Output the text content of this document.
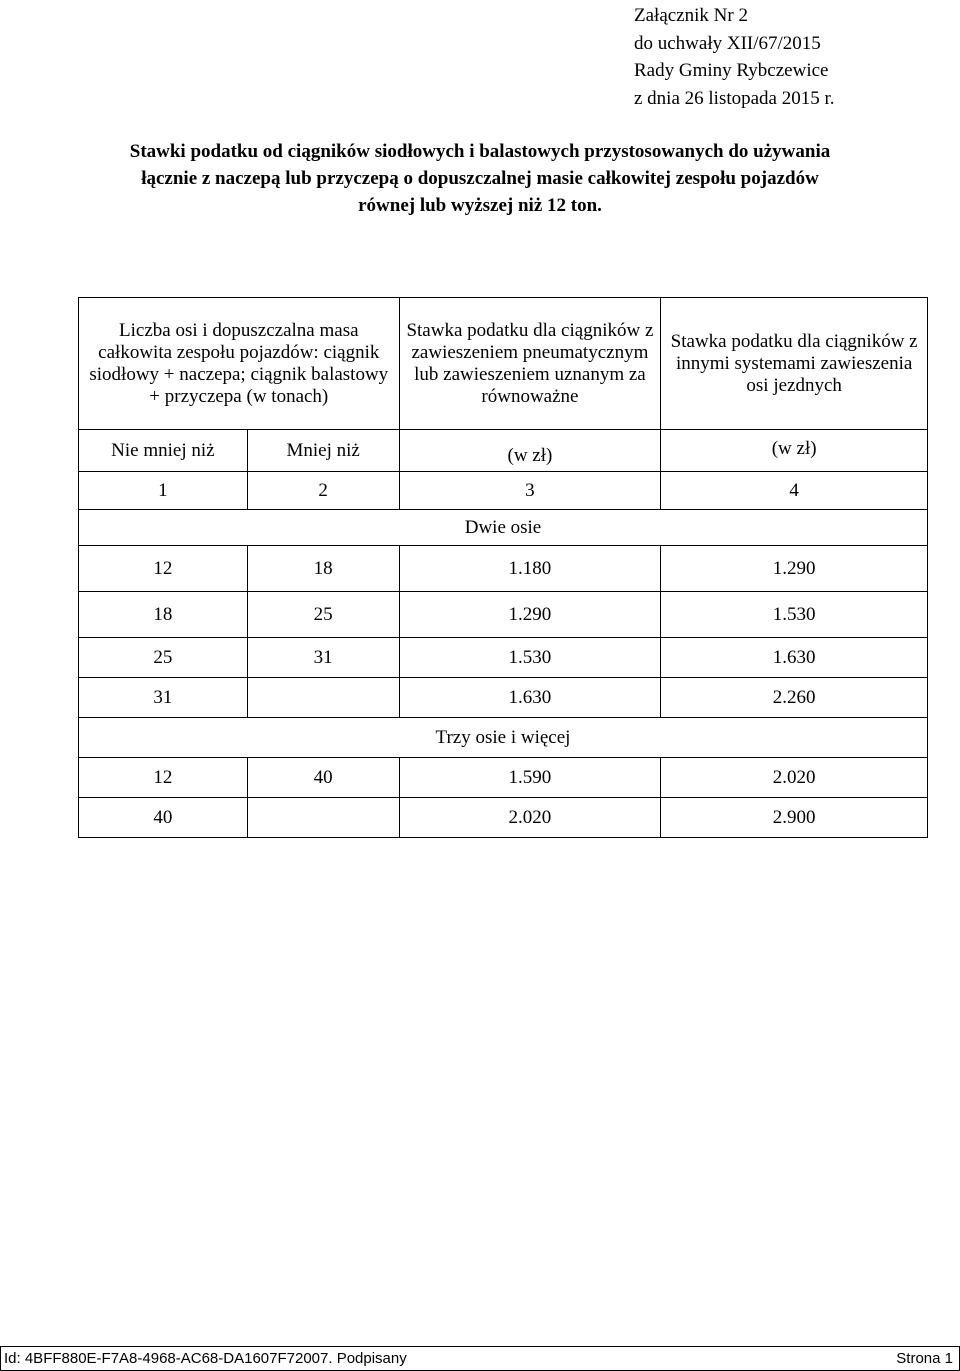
Załącznik Nr 2
do uchwały XII/67/2015
Rady Gminy Rybczewice
z dnia 26 listopada 2015 r.
Stawki podatku od ciągników siodłowych i balastowych przystosowanych do używania
łącznie z naczepą lub przyczepą o dopuszczalnej masie całkowitej zespołu pojazdów
równej lub wyższej niż 12 ton.
Liczba osi i dopuszczalna masa całkowita zespołu pojazdów: ciągnik siodłowy + naczepa; ciągnik balastowy + przyczepa (w tonach)		Stawka podatku dla ciągników z zawieszeniem pneumatycznym lub zawieszeniem uznanym za równoważne	Stawka podatku dla ciągników z innymi systemami zawieszenia osi jezdnych
Nie mniej niż	Mniej niż	(w zł)	(w zł)
1	2	3	4
Dwie osie			
12	18	1.180	1.290
18	25	1.290	1.530
25	31	1.530	1.630
31		1.630	2.260
Trzy osie i więcej			
12	40	1.590	2.020
40		2.020	2.900
Id: 4BFF880E-F7A8-4968-AC68-DA1607F72007. Podpisany	Strona 1
